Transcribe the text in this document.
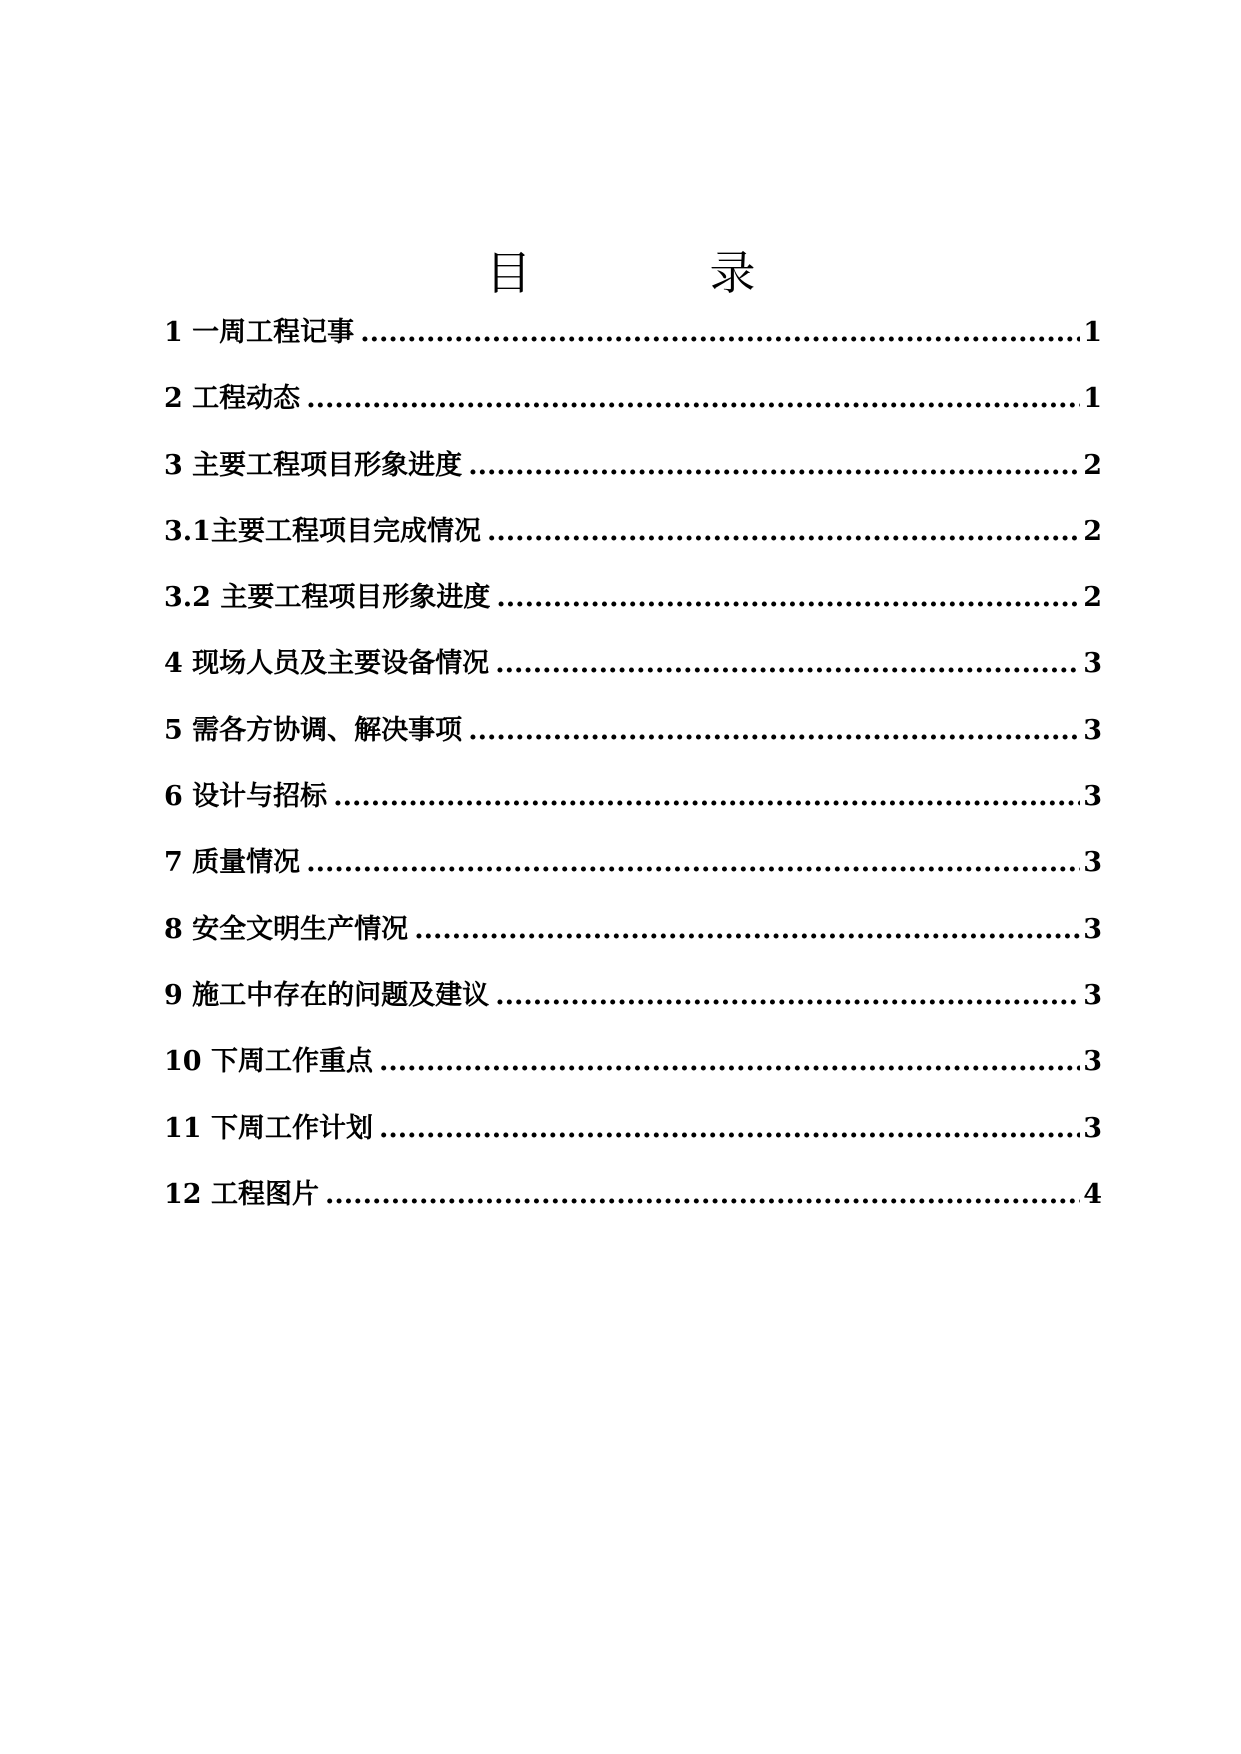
目　录
1 一周工程记事 .....	1
2 工程动态 .....	1
3 主要工程项目形象进度 .....	2
3.1主要工程项目完成情况 .....	2
3.2 主要工程项目形象进度 .....	2
4 现场人员及主要设备情况 .....	3
5 需各方协调、解决事项 .....	3
6 设计与招标 .....	3
7 质量情况 .....	3
8 安全文明生产情况 .....	3
9 施工中存在的问题及建议 .....	3
10 下周工作重点 .....	3
11 下周工作计划 .....	3
12 工程图片 .....	4
